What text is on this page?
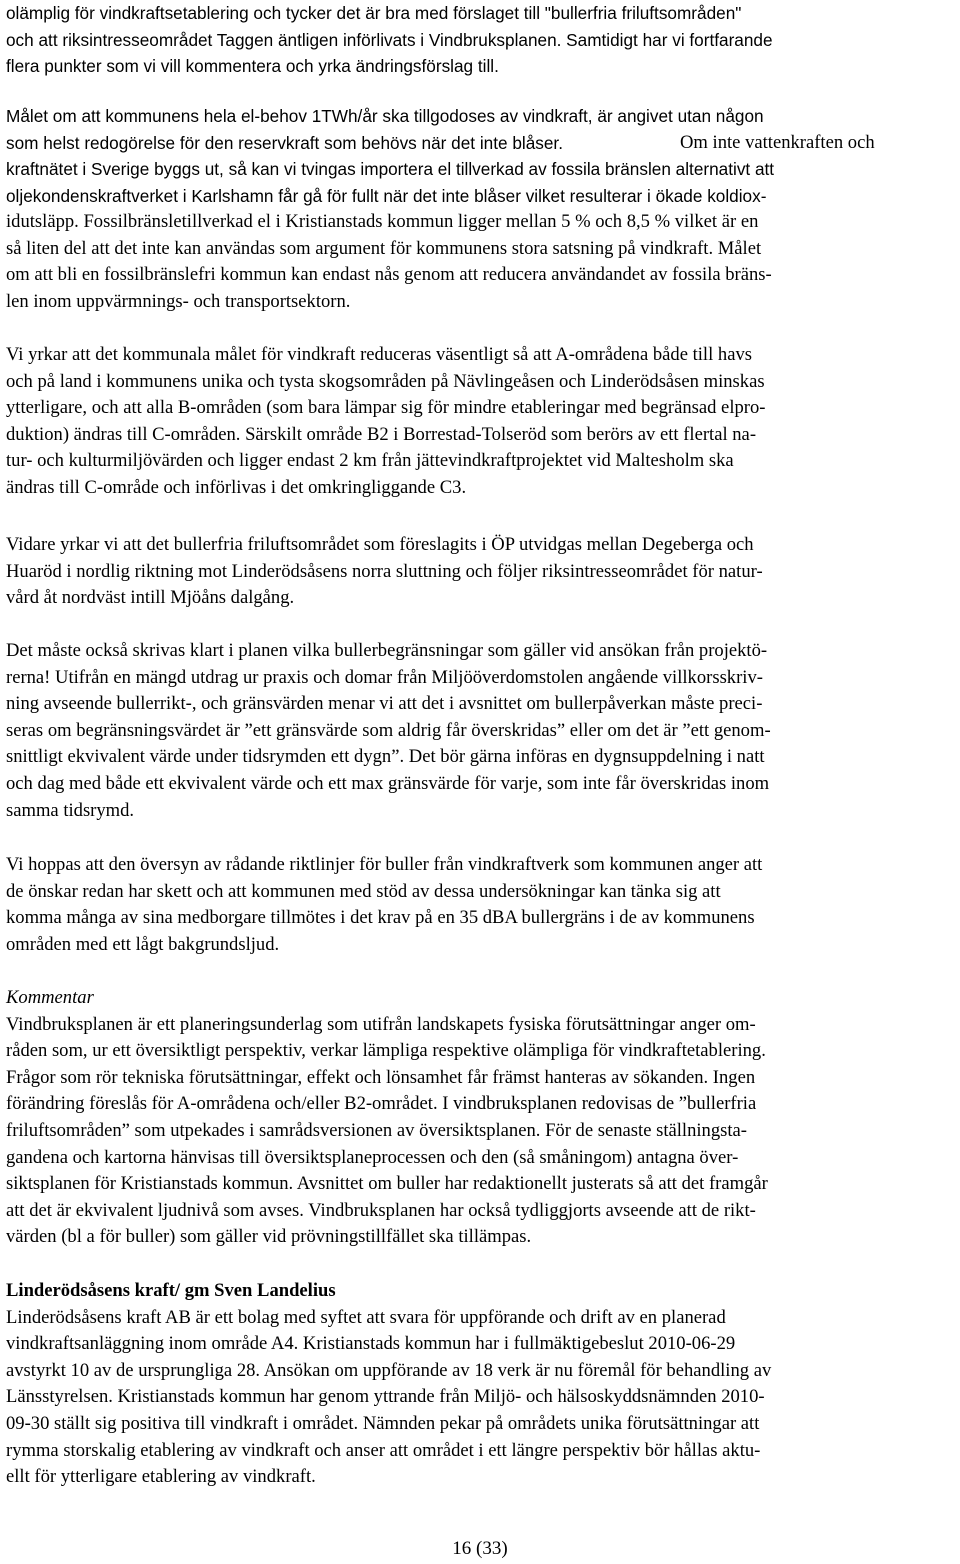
olämplig för vindkraftsetablering och tycker det är bra med förslaget till "bullerfria friluftsområden"
och att riksintresseområdet Taggen äntligen införlivats i Vindbruksplanen. Samtidigt har vi fortfarande
flera punkter som vi vill kommentera och yrka ändringsförslag till.
Målet om att kommunens hela el-behov 1TWh/år ska tillgodoses av vindkraft, är angivet utan någon
som helst redogörelse för den reservkraft som behövs när det inte blåser.	Om inte vattenkraften och
kraftnätet i Sverige byggs ut, så kan vi tvingas importera el tillverkad av fossila bränslen alternativt att
oljekondenskraftverket i Karlshamn får gå för fullt när det inte blåser vilket resulterar i ökade koldiox-
idutsläpp. Fossilbränsletillverkad el i Kristianstads kommun ligger mellan 5 % och 8,5 % vilket är en
så liten del att det inte kan användas som argument för kommunens stora satsning på vindkraft. Målet
om att bli en fossilbränslefri kommun kan endast nås genom att reducera användandet av fossila bräns-
len inom uppvärmnings- och transportsektorn.
Vi yrkar att det kommunala målet för vindkraft reduceras väsentligt så att A-områdena både till havs
och på land i kommunens unika och tysta skogsområden på Nävlingeåsen och Linderödsåsen minskas
ytterligare, och att alla B-områden (som bara lämpar sig för mindre etableringar med begränsad elpro-
duktion) ändras till C-områden. Särskilt område B2 i Borrestad-Tolseröd som berörs av ett flertal na-
tur- och kulturmiljövärden och ligger endast 2 km från jättevindkraftprojektet vid Maltesholm ska
ändras till C-område och införlivas i det omkringliggande C3.
Vidare yrkar vi att det bullerfria friluftsområdet som föreslagits i ÖP utvidgas mellan Degeberga och
Huaröd i nordlig riktning mot Linderödsåsens norra sluttning och följer riksintresseområdet för natur-
vård åt nordväst intill Mjöåns dalgång.
Det måste också skrivas klart i planen vilka bullerbegränsningar som gäller vid ansökan från projektö-
rerna! Utifrån en mängd utdrag ur praxis och domar från Miljööverdomstolen angående villkorsskriv-
ning avseende bullerrikt-, och gränsvärden menar vi att det i avsnittet om bullerpåverkan måste preci-
seras om begränsningsvärdet är ”ett gränsvärde som aldrig får överskridas” eller om det är ”ett genom-
snittligt ekvivalent värde under tidsrymden ett dygn”. Det bör gärna införas en dygnsuppdelning i natt
och dag med både ett ekvivalent värde och ett max gränsvärde för varje, som inte får överskridas inom
samma tidsrymd.
Vi hoppas att den översyn av rådande riktlinjer för buller från vindkraftverk som kommunen anger att
de önskar redan har skett och att kommunen med stöd av dessa undersökningar kan tänka sig att
komma många av sina medborgare tillmötes i det krav på en 35 dBA bullergräns i de av kommunens
områden med ett lågt bakgrundsljud.
Kommentar
Vindbruksplanen är ett planeringsunderlag som utifrån landskapets fysiska förutsättningar anger om-
råden som, ur ett översiktligt perspektiv, verkar lämpliga respektive olämpliga för vindkraftetablering.
Frågor som rör tekniska förutsättningar, effekt och lönsamhet får främst hanteras av sökanden. Ingen
förändring föreslås för A-områdena och/eller B2-området. I vindbruksplanen redovisas de ”bullerfria
friluftsområden” som utpekades i samrådsversionen av översiktsplanen. För de senaste ställningsta-
gandena och kartorna hänvisas till översiktsplaneprocessen och den (så småningom) antagna över-
siktsplanen för Kristianstads kommun. Avsnittet om buller har redaktionellt justerats så att det framgår
att det är ekvivalent ljudnivå som avses. Vindbruksplanen har också tydliggjorts avseende att de rikt-
värden (bl a för buller) som gäller vid prövningstillfället ska tillämpas.
Linderödsåsens kraft/ gm Sven Landelius
Linderödsåsens kraft AB är ett bolag med syftet att svara för uppförande och drift av en planerad
vindkraftsanläggning inom område A4. Kristianstads kommun har i fullmäktigebeslut 2010-06-29
avstyrkt 10 av de ursprungliga 28. Ansökan om uppförande av 18 verk är nu föremål för behandling av
Länsstyrelsen. Kristianstads kommun har genom yttrande från Miljö- och hälsoskyddsnämnden 2010-
09-30 ställt sig positiva till vindkraft i området. Nämnden pekar på områdets unika förutsättningar att
rymma storskalig etablering av vindkraft och anser att området i ett längre perspektiv bör hållas aktu-
ellt för ytterligare etablering av vindkraft.
16 (33)
